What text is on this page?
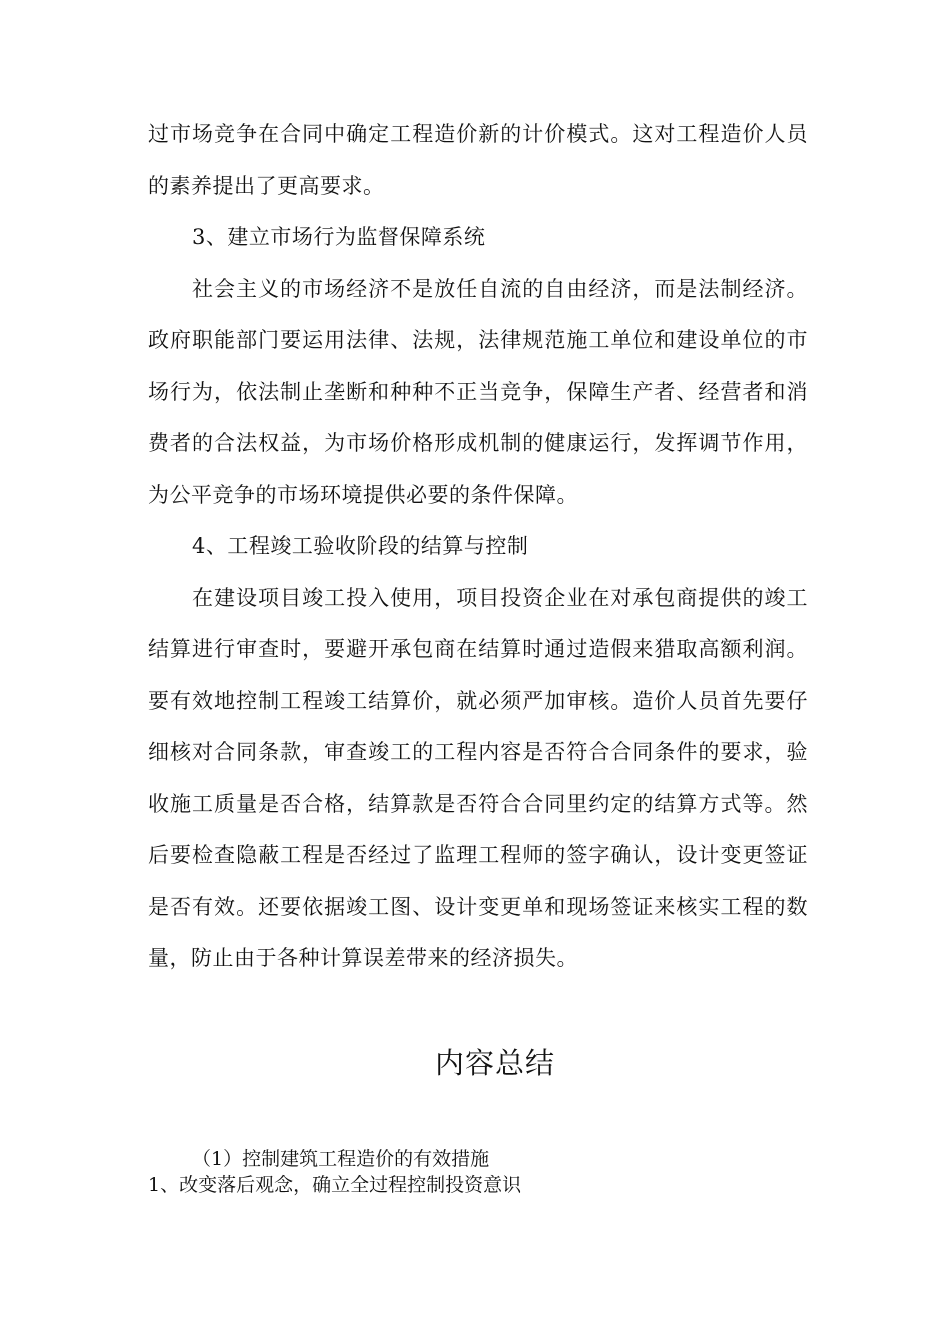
过市场竞争在合同中确定工程造价新的计价模式。这对工程造价人员的素养提出了更高要求。

3、建立市场行为监督保障系统

社会主义的市场经济不是放任自流的自由经济，而是法制经济。政府职能部门要运用法律、法规，法律规范施工单位和建设单位的市场行为，依法制止垄断和种种不正当竞争，保障生产者、经营者和消费者的合法权益，为市场价格形成机制的健康运行，发挥调节作用，为公平竞争的市场环境提供必要的条件保障。

4、工程竣工验收阶段的结算与控制

在建设项目竣工投入使用，项目投资企业在对承包商提供的竣工结算进行审查时，要避开承包商在结算时通过造假来猎取高额利润。要有效地控制工程竣工结算价，就必须严加审核。造价人员首先要仔细核对合同条款，审查竣工的工程内容是否符合合同条件的要求，验收施工质量是否合格，结算款是否符合合同里约定的结算方式等。然后要检查隐蔽工程是否经过了监理工程师的签字确认，设计变更签证是否有效。还要依据竣工图、设计变更单和现场签证来核实工程的数量，防止由于各种计算误差带来的经济损失。

内容总结
（1）控制建筑工程造价的有效措施
1、改变落后观念，确立全过程控制投资意识
